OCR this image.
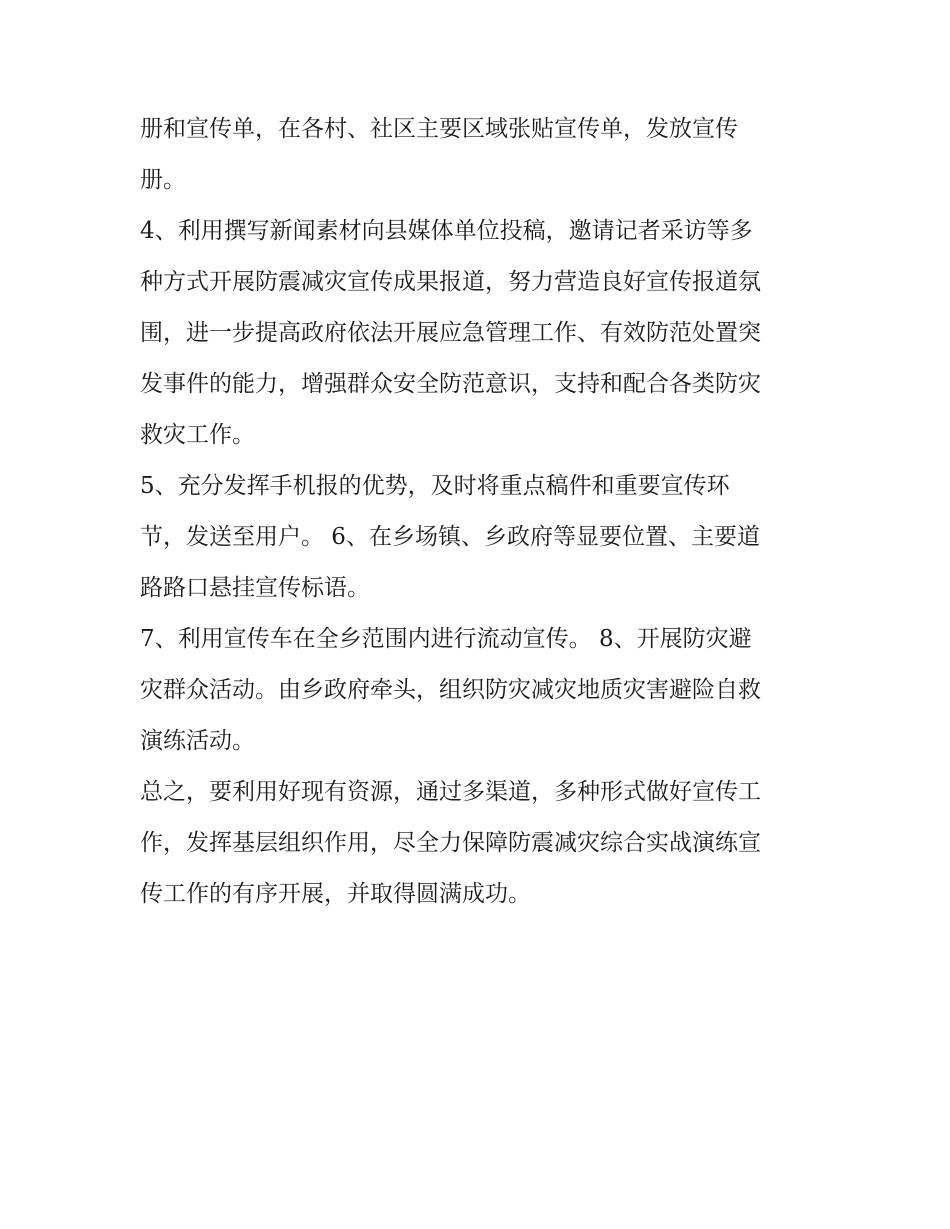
册和宣传单，在各村、社区主要区域张贴宣传单，发放宣传
册。
4、利用撰写新闻素材向县媒体单位投稿，邀请记者采访等多
种方式开展防震减灾宣传成果报道，努力营造良好宣传报道氛
围，进一步提高政府依法开展应急管理工作、有效防范处置突
发事件的能力，增强群众安全防范意识，支持和配合各类防灾
救灾工作。
5、充分发挥手机报的优势，及时将重点稿件和重要宣传环
节，发送至用户。 6、在乡场镇、乡政府等显要位置、主要道
路路口悬挂宣传标语。
7、利用宣传车在全乡范围内进行流动宣传。 8、开展防灾避
灾群众活动。由乡政府牵头，组织防灾减灾地质灾害避险自救
演练活动。
总之，要利用好现有资源，通过多渠道，多种形式做好宣传工
作，发挥基层组织作用，尽全力保障防震减灾综合实战演练宣
传工作的有序开展，并取得圆满成功。
